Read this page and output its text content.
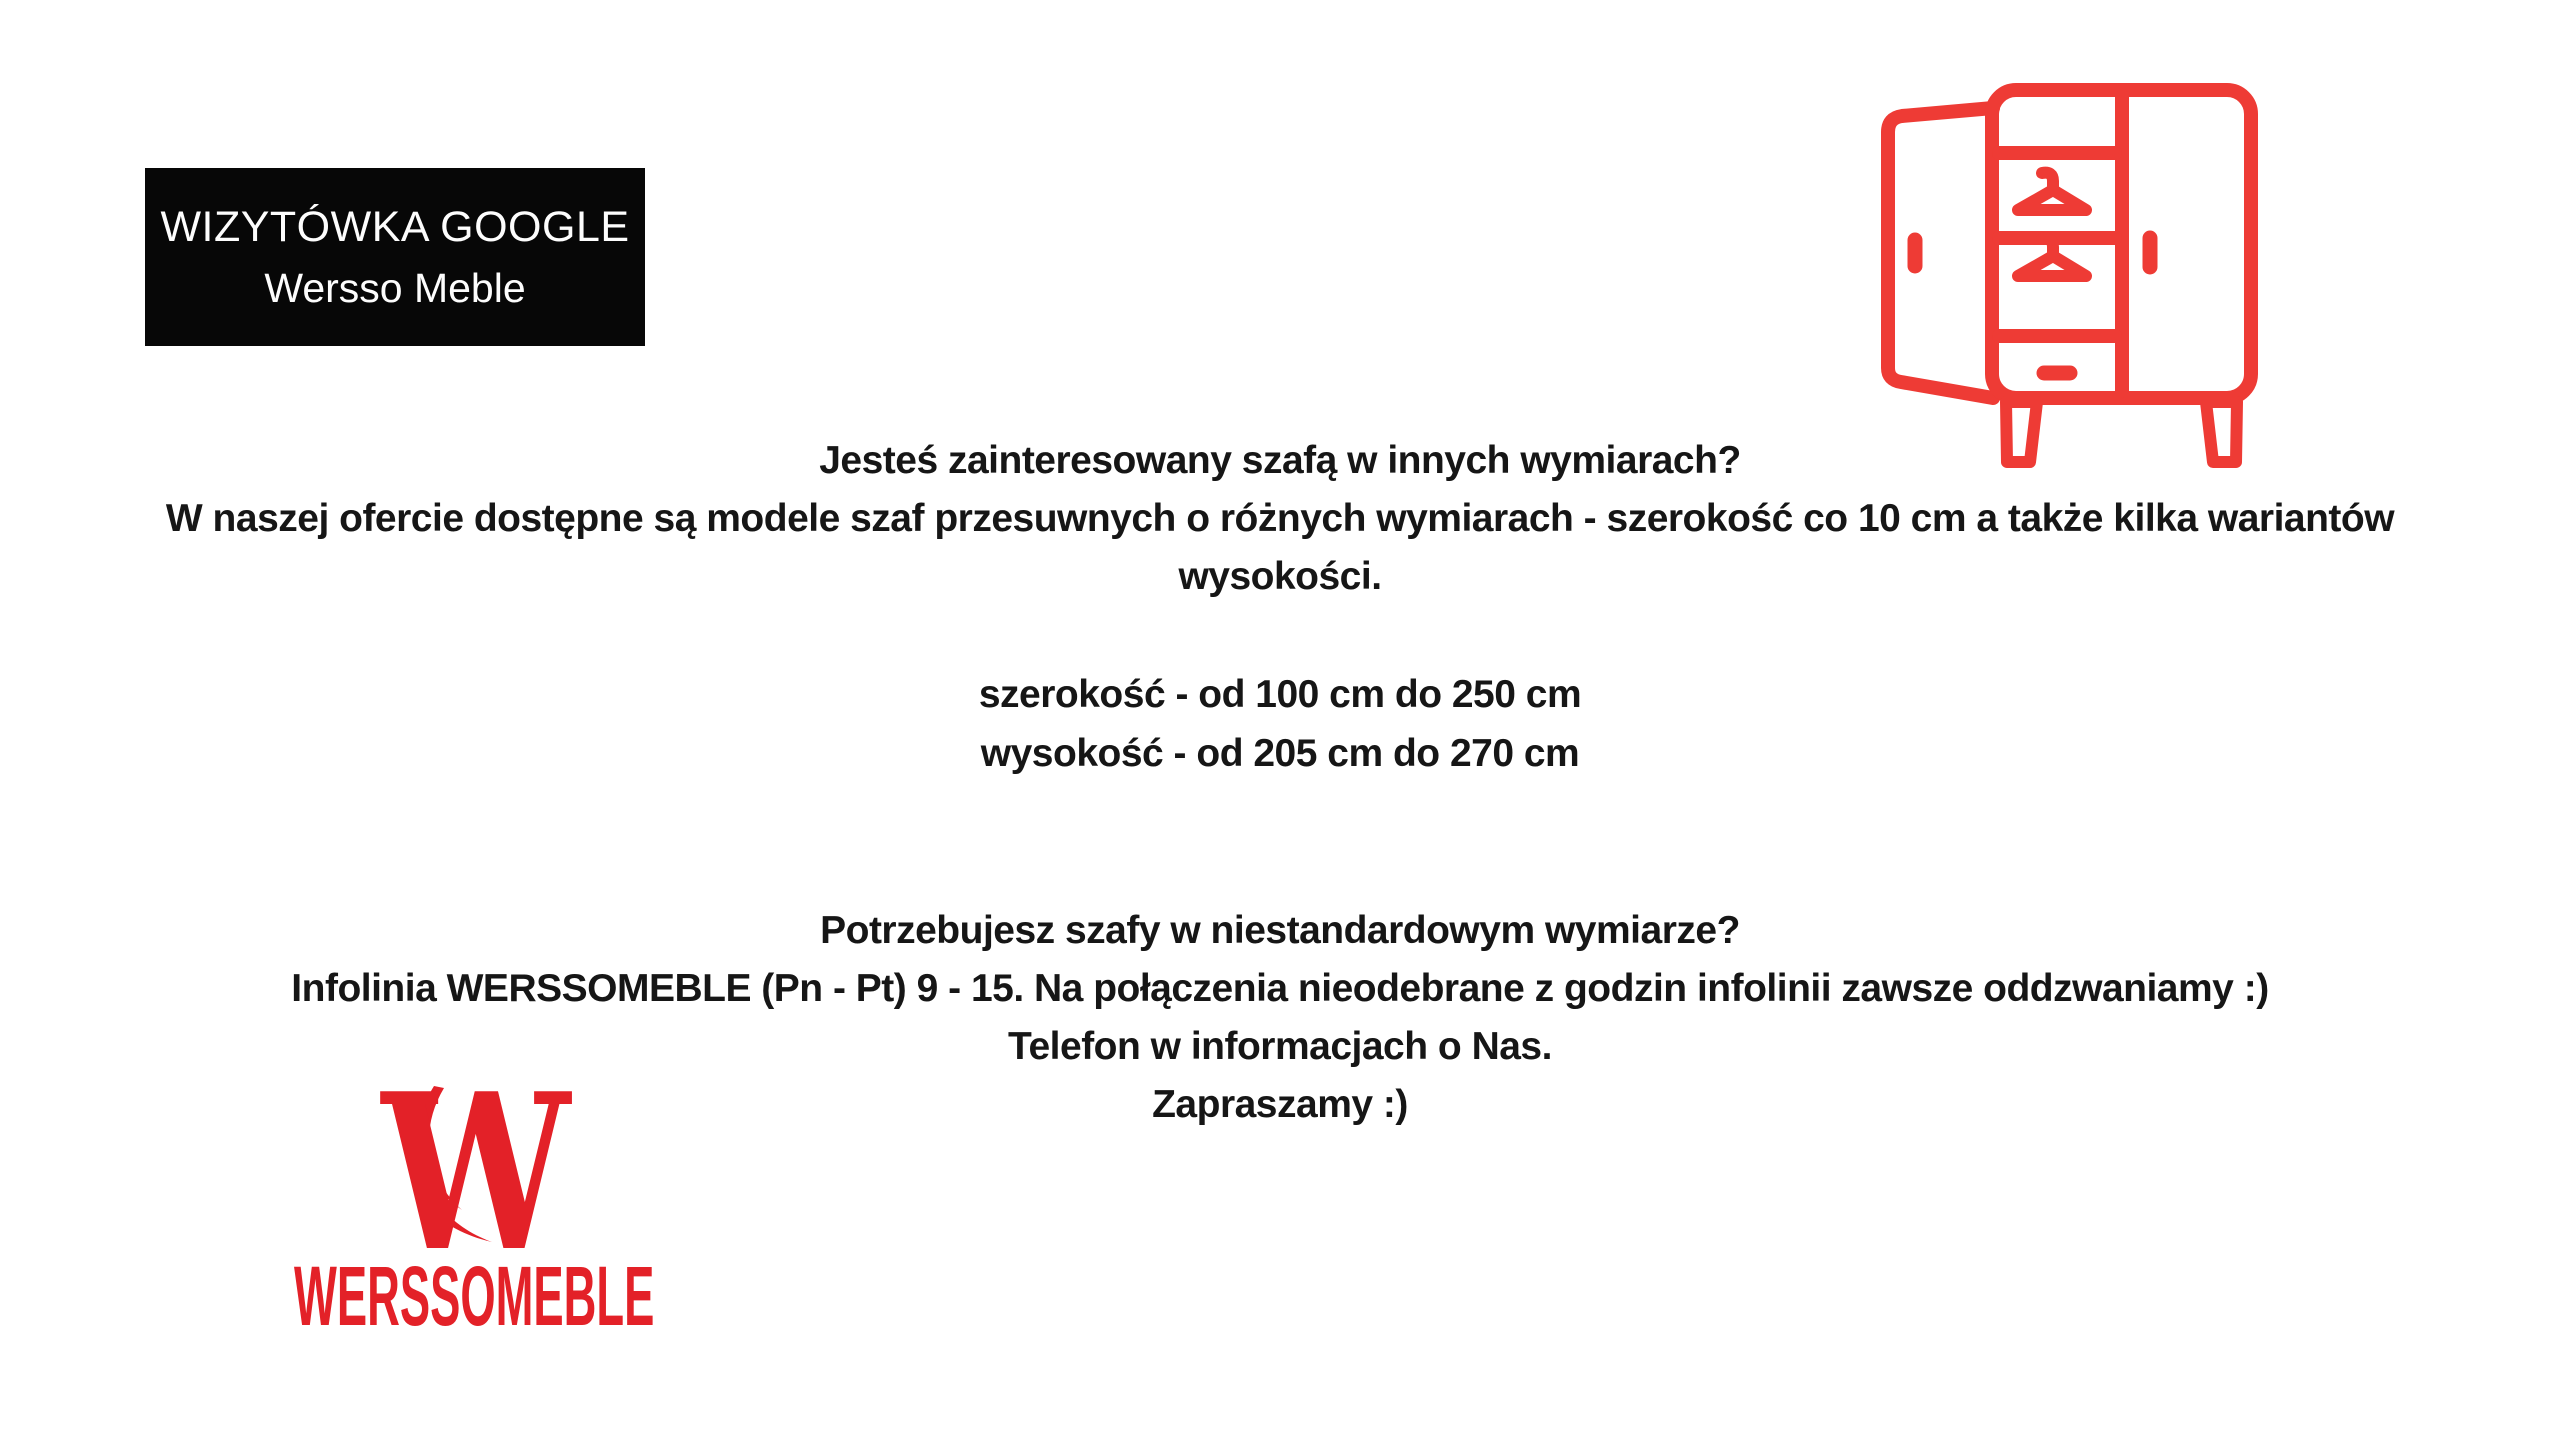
WIZYTÓWKA GOOGLE
Wersso Meble
Jesteś zainteresowany szafą w innych wymiarach?
W naszej ofercie dostępne są modele szaf przesuwnych o różnych wymiarach - szerokość co 10 cm a także kilka wariantów
wysokości.
szerokość - od 100 cm do 250 cm
wysokość - od 205 cm do 270 cm
Potrzebujesz szafy w niestandardowym wymiarze?
Infolinia WERSSOMEBLE (Pn - Pt) 9 - 15. Na połączenia nieodebrane z godzin infolinii zawsze oddzwaniamy :)
Telefon w informacjach o Nas.
Zapraszamy :)
W
WERSSOMEBLE
